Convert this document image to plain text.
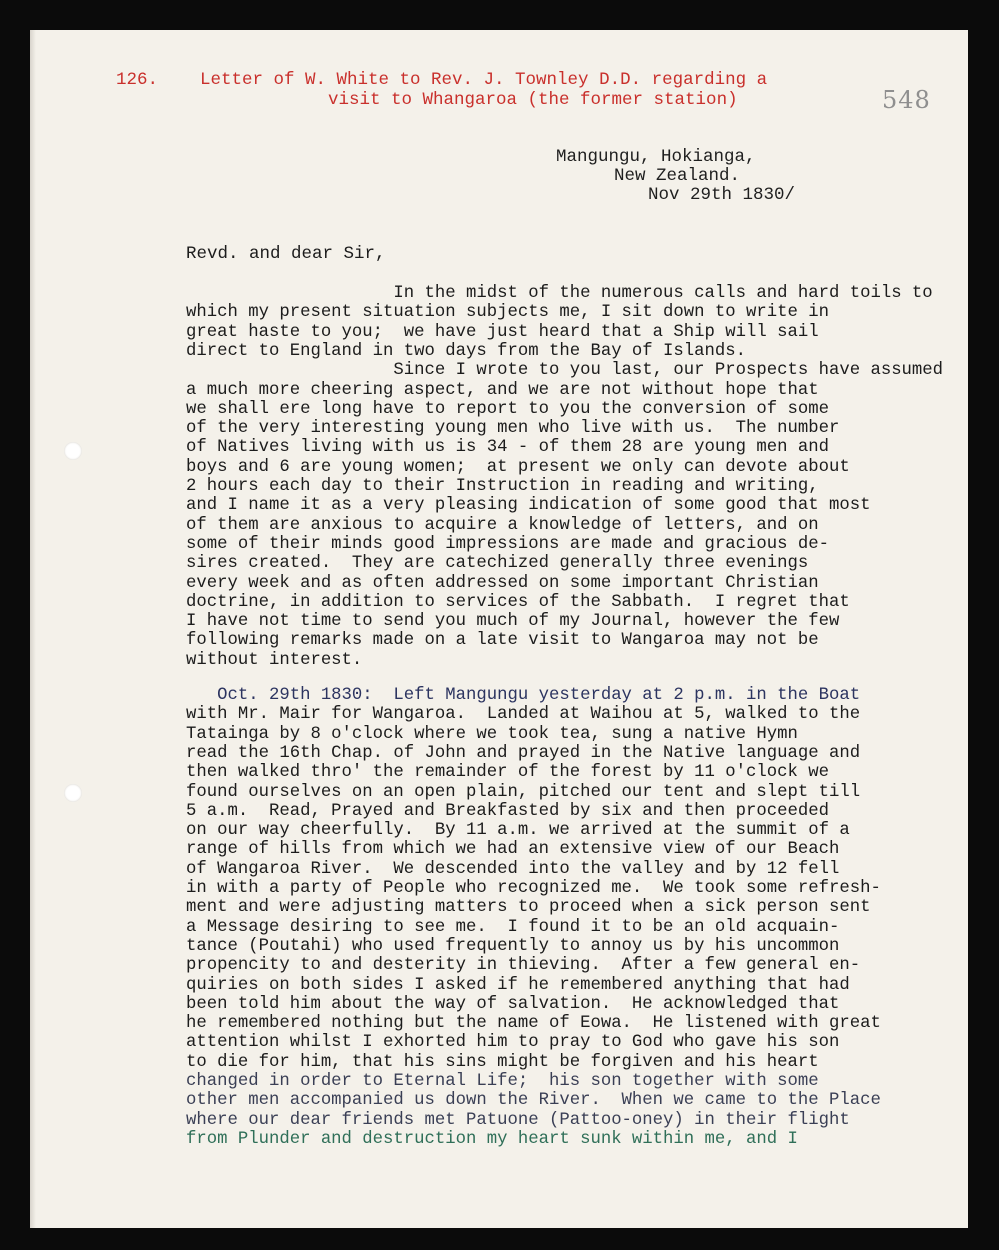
126.

Letter of W. White to Rev. J. Townley D.D. regarding a

visit to Whangaroa (the former station)

	548
Mangungu, Hokianga,
New Zealand.
Nov 29th 1830/
Revd. and dear Sir,
In the midst of the numerous calls and hard toils to
which my present situation subjects me, I sit down to write in
great haste to you;  we have just heard that a Ship will sail
direct to England in two days from the Bay of Islands.
Since I wrote to you last, our Prospects have assumed
a much more cheering aspect, and we are not without hope that
we shall ere long have to report to you the conversion of some
of the very interesting young men who live with us.  The number
of Natives living with us is 34 - of them 28 are young men and
boys and 6 are young women;  at present we only can devote about
2 hours each day to their Instruction in reading and writing,
and I name it as a very pleasing indication of some good that most
of them are anxious to acquire a knowledge of letters, and on
some of their minds good impressions are made and gracious de-
sires created.  They are catechized generally three evenings
every week and as often addressed on some important Christian
doctrine, in addition to services of the Sabbath.  I regret that
I have not time to send you much of my Journal, however the few
following remarks made on a late visit to Wangaroa may not be
without interest.
Oct. 29th 1830:  Left Mangungu yesterday at 2 p.m. in the Boat
with Mr. Mair for Wangaroa.  Landed at Waihou at 5, walked to the
Tatainga by 8 o'clock where we took tea, sung a native Hymn
read the 16th Chap. of John and prayed in the Native language and
then walked thro' the remainder of the forest by 11 o'clock we
found ourselves on an open plain, pitched our tent and slept till
5 a.m.  Read, Prayed and Breakfasted by six and then proceeded
on our way cheerfully.  By 11 a.m. we arrived at the summit of a
range of hills from which we had an extensive view of our Beach
of Wangaroa River.  We descended into the valley and by 12 fell
in with a party of People who recognized me.  We took some refresh-
ment and were adjusting matters to proceed when a sick person sent
a Message desiring to see me.  I found it to be an old acquain-
tance (Poutahi) who used frequently to annoy us by his uncommon
propencity to and desterity in thieving.  After a few general en-
quiries on both sides I asked if he remembered anything that had
been told him about the way of salvation.  He acknowledged that
he remembered nothing but the name of Eowa.  He listened with great
attention whilst I exhorted him to pray to God who gave his son
to die for him, that his sins might be forgiven and his heart
changed in order to Eternal Life;  his son together with some
other men accompanied us down the River.  When we came to the Place
where our dear friends met Patuone (Pattoo-oney) in their flight
from Plunder and destruction my heart sunk within me, and I
